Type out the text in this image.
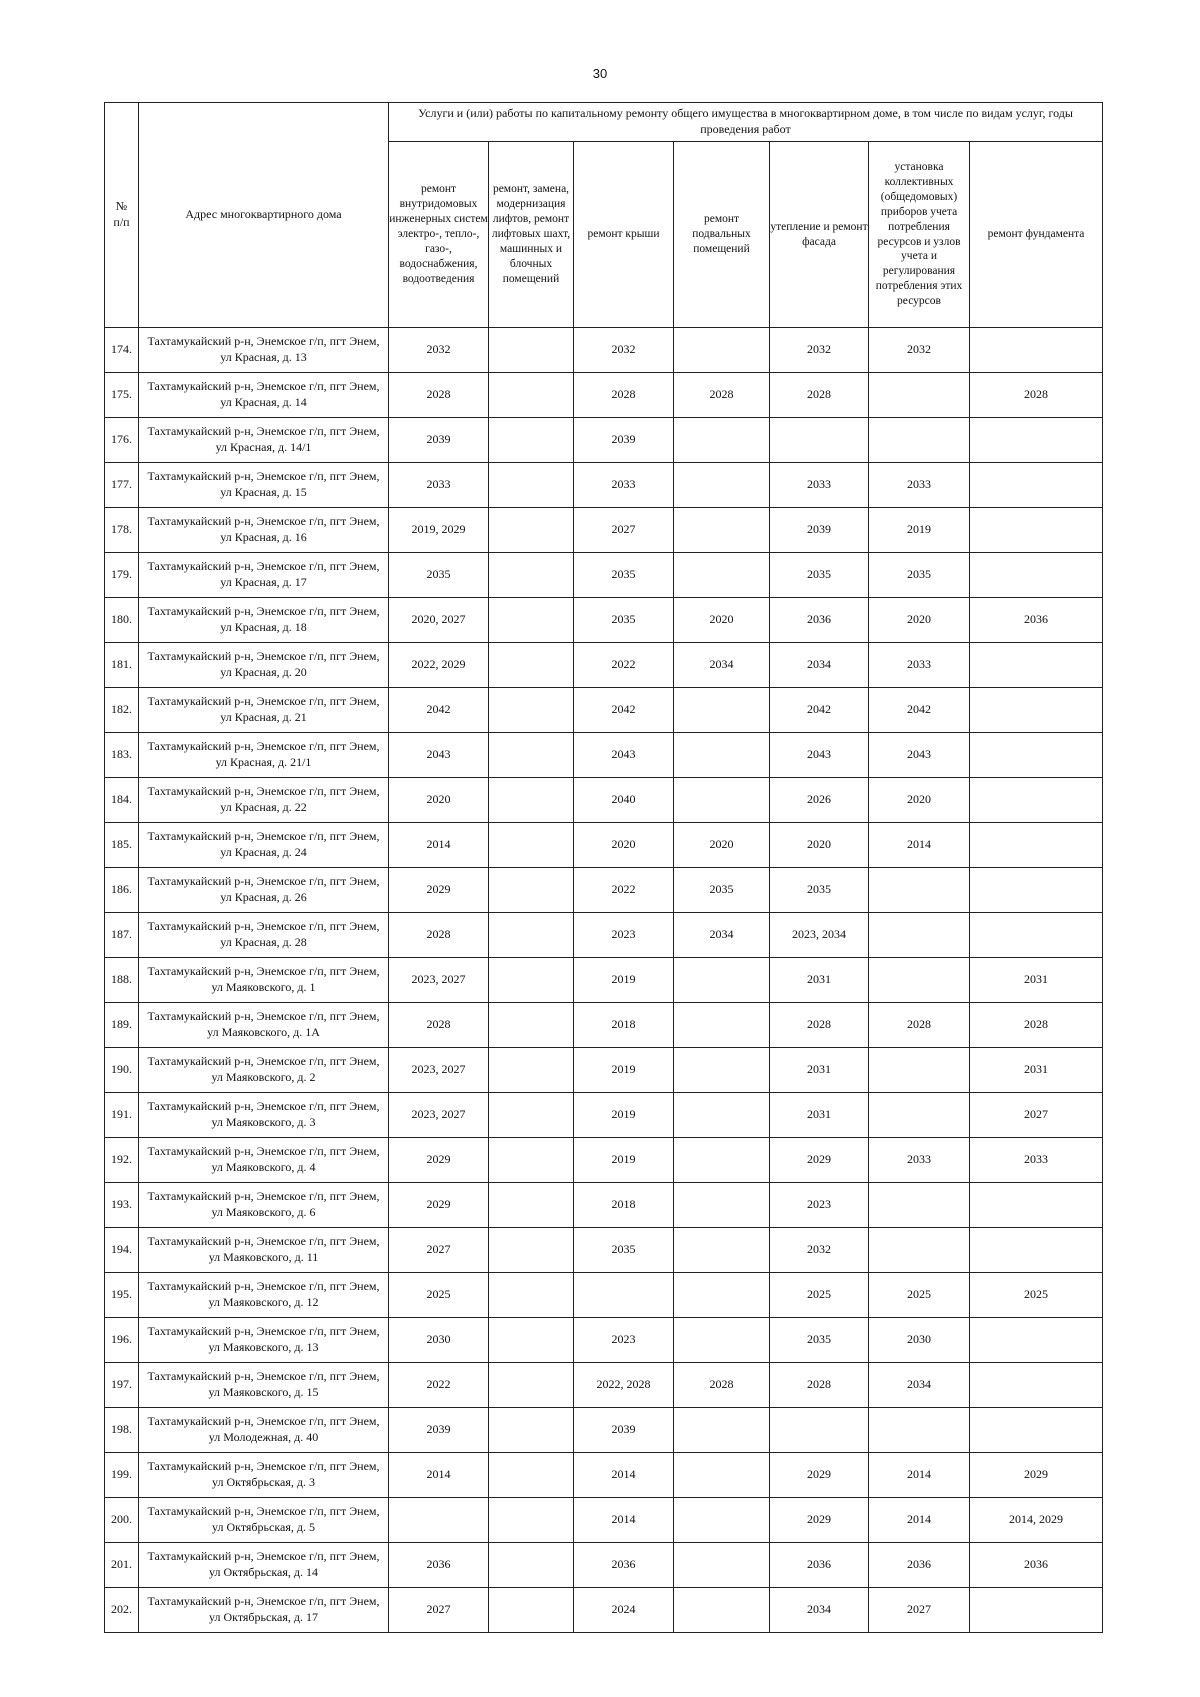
30
№
п/п	Адрес многоквартирного дома	Услуги и (или) работы по капитальному ремонту общего имущества в многоквартирном доме, в том числе по видам услуг, годы проведения работ						
		ремонт внутридомовых инженерных систем электро-, тепло-, газо-, водоснабжения, водоотведения	ремонт, замена, модернизация лифтов, ремонт лифтовых шахт, машинных и блочных помещений	ремонт крыши	ремонт подвальных помещений	утепление и ремонт фасада	установка коллективных (общедомовых) приборов учета потребления ресурсов и узлов учета и регулирования потребления этих ресурсов	ремонт фундамента
174.	Тахтамукайский р-н, Энемское г/п, пгт Энем,
ул Красная, д. 13	2032		2032		2032	2032	
175.	Тахтамукайский р-н, Энемское г/п, пгт Энем,
ул Красная, д. 14	2028		2028	2028	2028		2028
176.	Тахтамукайский р-н, Энемское г/п, пгт Энем,
ул Красная, д. 14/1	2039		2039				
177.	Тахтамукайский р-н, Энемское г/п, пгт Энем,
ул Красная, д. 15	2033		2033		2033	2033	
178.	Тахтамукайский р-н, Энемское г/п, пгт Энем,
ул Красная, д. 16	2019, 2029		2027		2039	2019	
179.	Тахтамукайский р-н, Энемское г/п, пгт Энем,
ул Красная, д. 17	2035		2035		2035	2035	
180.	Тахтамукайский р-н, Энемское г/п, пгт Энем,
ул Красная, д. 18	2020, 2027		2035	2020	2036	2020	2036
181.	Тахтамукайский р-н, Энемское г/п, пгт Энем,
ул Красная, д. 20	2022, 2029		2022	2034	2034	2033	
182.	Тахтамукайский р-н, Энемское г/п, пгт Энем,
ул Красная, д. 21	2042		2042		2042	2042	
183.	Тахтамукайский р-н, Энемское г/п, пгт Энем,
ул Красная, д. 21/1	2043		2043		2043	2043	
184.	Тахтамукайский р-н, Энемское г/п, пгт Энем,
ул Красная, д. 22	2020		2040		2026	2020	
185.	Тахтамукайский р-н, Энемское г/п, пгт Энем,
ул Красная, д. 24	2014		2020	2020	2020	2014	
186.	Тахтамукайский р-н, Энемское г/п, пгт Энем,
ул Красная, д. 26	2029		2022	2035	2035		
187.	Тахтамукайский р-н, Энемское г/п, пгт Энем,
ул Красная, д. 28	2028		2023	2034	2023, 2034		
188.	Тахтамукайский р-н, Энемское г/п, пгт Энем,
ул Маяковского, д. 1	2023, 2027		2019		2031		2031
189.	Тахтамукайский р-н, Энемское г/п, пгт Энем,
ул Маяковского, д. 1А	2028		2018		2028	2028	2028
190.	Тахтамукайский р-н, Энемское г/п, пгт Энем,
ул Маяковского, д. 2	2023, 2027		2019		2031		2031
191.	Тахтамукайский р-н, Энемское г/п, пгт Энем,
ул Маяковского, д. 3	2023, 2027		2019		2031		2027
192.	Тахтамукайский р-н, Энемское г/п, пгт Энем,
ул Маяковского, д. 4	2029		2019		2029	2033	2033
193.	Тахтамукайский р-н, Энемское г/п, пгт Энем,
ул Маяковского, д. 6	2029		2018		2023		
194.	Тахтамукайский р-н, Энемское г/п, пгт Энем,
ул Маяковского, д. 11	2027		2035		2032		
195.	Тахтамукайский р-н, Энемское г/п, пгт Энем,
ул Маяковского, д. 12	2025				2025	2025	2025
196.	Тахтамукайский р-н, Энемское г/п, пгт Энем,
ул Маяковского, д. 13	2030		2023		2035	2030	
197.	Тахтамукайский р-н, Энемское г/п, пгт Энем,
ул Маяковского, д. 15	2022		2022, 2028	2028	2028	2034	
198.	Тахтамукайский р-н, Энемское г/п, пгт Энем,
ул Молодежная, д. 40	2039		2039				
199.	Тахтамукайский р-н, Энемское г/п, пгт Энем,
ул Октябрьская, д. 3	2014		2014		2029	2014	2029
200.	Тахтамукайский р-н, Энемское г/п, пгт Энем,
ул Октябрьская, д. 5			2014		2029	2014	2014, 2029
201.	Тахтамукайский р-н, Энемское г/п, пгт Энем,
ул Октябрьская, д. 14	2036		2036		2036	2036	2036
202.	Тахтамукайский р-н, Энемское г/п, пгт Энем,
ул Октябрьская, д. 17	2027		2024		2034	2027	
